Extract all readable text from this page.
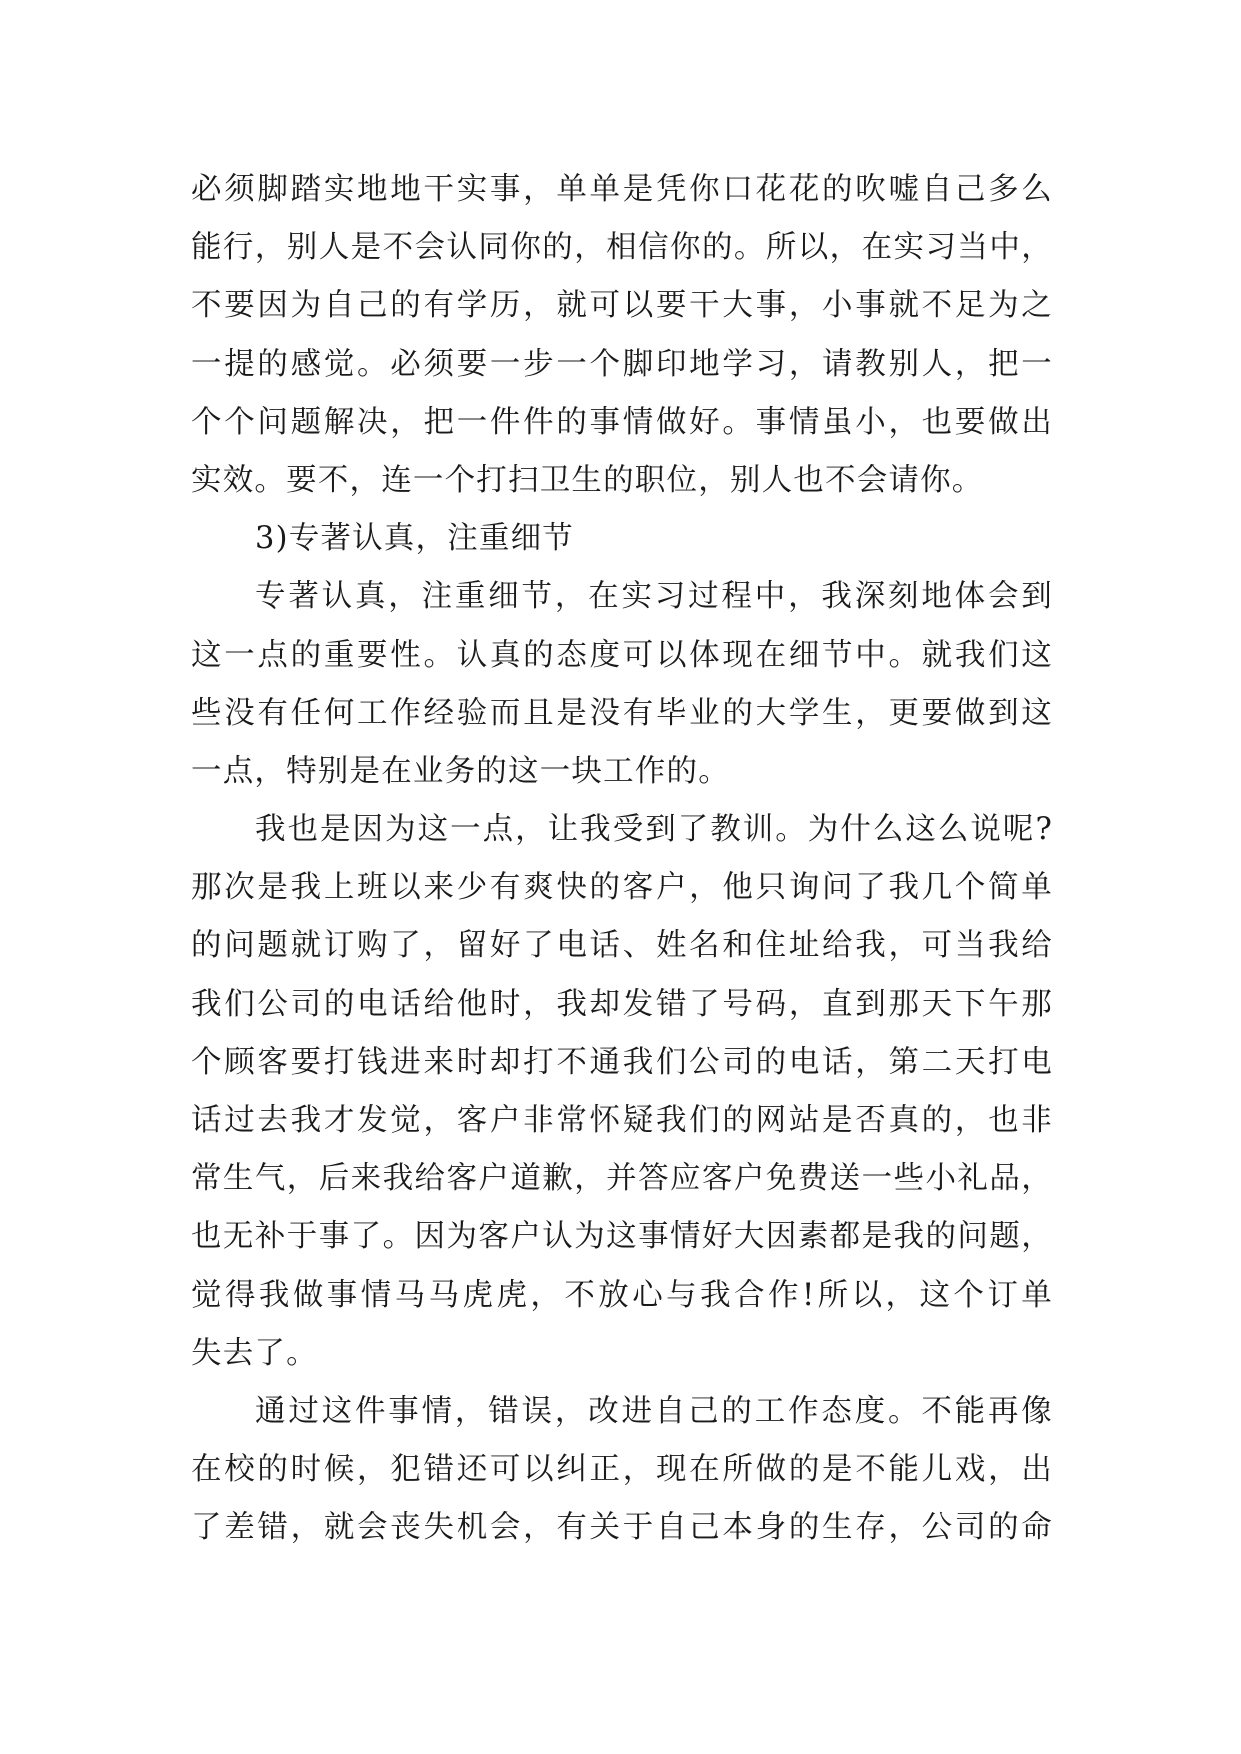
必须脚踏实地地干实事，单单是凭你口花花的吹嘘自己多么
能行，别人是不会认同你的，相信你的。所以，在实习当中，
不要因为自己的有学历，就可以要干大事，小事就不足为之
一提的感觉。必须要一步一个脚印地学习，请教别人，把一
个个问题解决，把一件件的事情做好。事情虽小，也要做出
实效。要不，连一个打扫卫生的职位，别人也不会请你。
3)专著认真，注重细节
专著认真，注重细节，在实习过程中，我深刻地体会到
这一点的重要性。认真的态度可以体现在细节中。就我们这
些没有任何工作经验而且是没有毕业的大学生，更要做到这
一点，特别是在业务的这一块工作的。
我也是因为这一点，让我受到了教训。为什么这么说呢?
那次是我上班以来少有爽快的客户，他只询问了我几个简单
的问题就订购了，留好了电话、姓名和住址给我，可当我给
我们公司的电话给他时，我却发错了号码，直到那天下午那
个顾客要打钱进来时却打不通我们公司的电话，第二天打电
话过去我才发觉，客户非常怀疑我们的网站是否真的，也非
常生气，后来我给客户道歉，并答应客户免费送一些小礼品，
也无补于事了。因为客户认为这事情好大因素都是我的问题，
觉得我做事情马马虎虎，不放心与我合作!所以，这个订单
失去了。
通过这件事情，错误，改进自己的工作态度。不能再像
在校的时候，犯错还可以纠正，现在所做的是不能儿戏，出
了差错，就会丧失机会，有关于自己本身的生存，公司的命
